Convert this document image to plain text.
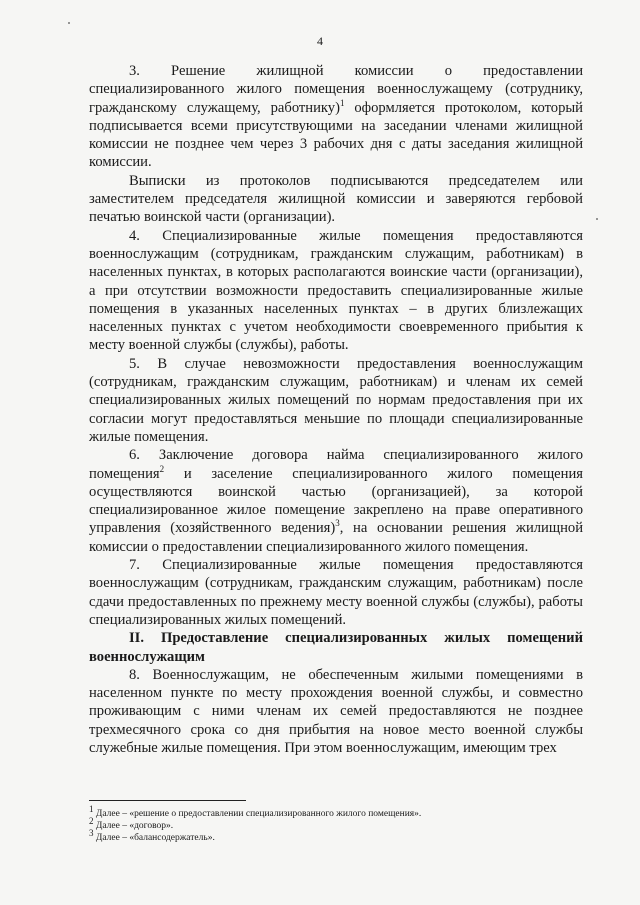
4

3. Решение жилищной комиссии о предоставлении специализированного жилого помещения военнослужащему (сотруднику, гражданскому служащему, работнику)$^1$ оформляется протоколом, который подписывается всеми присутствующими на заседании членами жилищной комиссии не позднее чем через 3 рабочих дня с даты заседания жилищной комиссии.

Выписки из протоколов подписываются председателем или заместителем председателя жилищной комиссии и заверяются гербовой печатью воинской части (организации).

4. Специализированные жилые помещения предоставляются военнослужащим (сотрудникам, гражданским служащим, работникам) в населенных пунктах, в которых располагаются воинские части (организации), а при отсутствии возможности предоставить специализированные жилые помещения в указанных населенных пунктах – в других близлежащих населенных пунктах с учетом необходимости своевременного прибытия к месту военной службы (службы), работы.

5. В случае невозможности предоставления военнослужащим (сотрудникам, гражданским служащим, работникам) и членам их семей специализированных жилых помещений по нормам предоставления при их согласии могут предоставляться меньшие по площади специализированные жилые помещения.

6. Заключение договора найма специализированного жилого помещения$^2$ и заселение специализированного жилого помещения осуществляются воинской частью (организацией), за которой специализированное жилое помещение закреплено на праве оперативного управления (хозяйственного ведения)$^3$, на основании решения жилищной комиссии о предоставлении специализированного жилого помещения.

7. Специализированные жилые помещения предоставляются военнослужащим (сотрудникам, гражданским служащим, работникам) после сдачи предоставленных по прежнему месту военной службы (службы), работы специализированных жилых помещений.

II. Предоставление специализированных жилых помещений военнослужащим

8. Военнослужащим, не обеспеченным жилыми помещениями в населенном пункте по месту прохождения военной службы, и совместно проживающим с ними членам их семей предоставляются не позднее трехмесячного срока со дня прибытия на новое место военной службы служебные жилые помещения. При этом военнослужащим, имеющим трех

$^1$ Далее – «решение о предоставлении специализированного жилого помещения».
$^2$ Далее – «договор».
$^3$ Далее – «балансодержатель».
